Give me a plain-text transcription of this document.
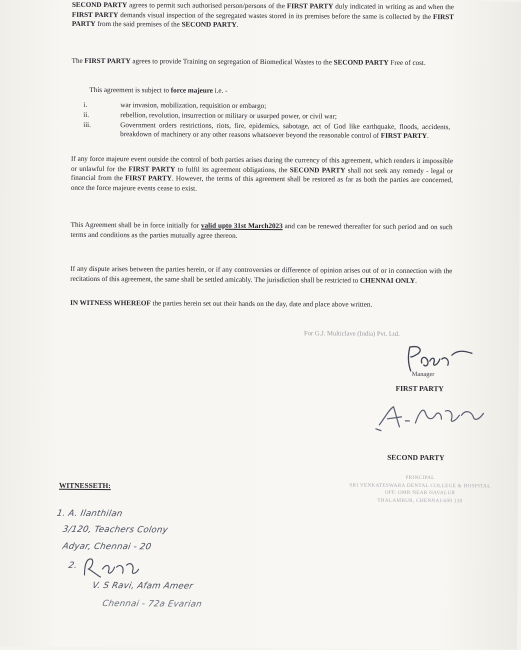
SECOND PARTY agrees to permit such authorised person/persons of the FIRST PARTY duly indicated in writing as and when the FIRST PARTY demands visual inspection of the segregated wastes stored in its premises before the same is collected by the FIRST PARTY from the said premises of the SECOND PARTY.
The FIRST PARTY agrees to provide Training on segregation of Biomedical Wastes to the SECOND PARTY Free of cost.
This agreement is subject to force majeure i.e. -
i.	war invasion, mobilization, requisition or embargo;
ii.	rebellion, revolution, insurrection or military or usurped power, or civil war;
iii.	Government orders restrictions, riots, fire, epidemics, sabotage, act of God like earthquake, floods, accidents, breakdown of machinery or any other reasons whatsoever beyond the reasonable control of FIRST PARTY.
If any force majeure event outside the control of both parties arises during the currency of this agreement, which renders it impossible or unlawful for the FIRST PARTY to fulfil its agreement obligations, the SECOND PARTY shall not seek any remedy - legal or financial from the FIRST PARTY. However, the terms of this agreement shall be restored as far as both the parties are concerned, once the force majeure events cease to exist.
This Agreement shall be in force initially for valid upto 31st March2023 and can be renewed thereafter for such period and on such terms and conditions as the parties mutually agree thereon.
If any dispute arises between the parties herein, or if any controversies or difference of opinion arises out of or in connection with the recitations of this agreement, the same shall be settled amicably. The jurisdiction shall be restricted to CHENNAI ONLY.
IN WITNESS WHEREOF the parties herein set out their hands on the day, date and place above written.
For G.J. Multiclave (India) Pvt. Ltd.
Manager
FIRST PARTY
SECOND PARTY
WITNESSETH:
PRINCIPAL
SRI VENKATESWARA DENTAL COLLEGE & HOSPITAL
OFF. OMR NEAR NAVALUR
THALAMBUR, CHENNAI-600 130
1. A. Ilanthilan
3/120, Teachers Colony
Adyar, Chennai - 20
2.
V. S Ravi, Afam Ameer
Chennai - 72a Evarian
